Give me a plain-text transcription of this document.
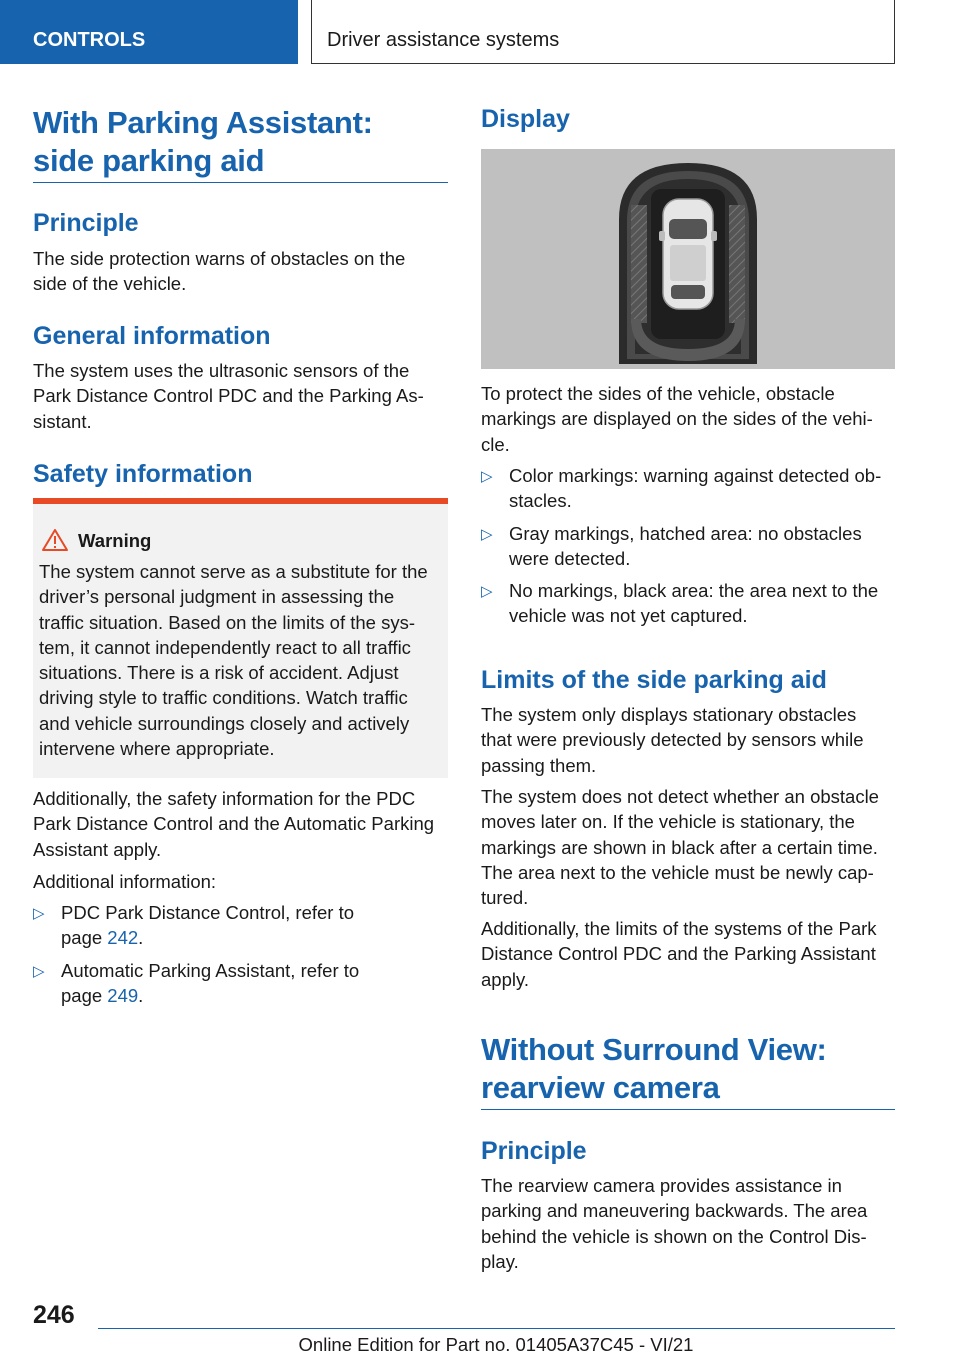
CONTROLS	Driver assistance systems
With Parking Assistant:
side parking aid
Principle
The side protection warns of obstacles on the
side of the vehicle.
General information
The system uses the ultrasonic sensors of the
Park Distance Control PDC and the Parking As-
sistant.
Safety information
Warning
The system cannot serve as a substitute for the
driver’s personal judgment in assessing the
traffic situation. Based on the limits of the sys-
tem, it cannot independently react to all traffic
situations. There is a risk of accident. Adjust
driving style to traffic conditions. Watch traffic
and vehicle surroundings closely and actively
intervene where appropriate.
Additionally, the safety information for the PDC
Park Distance Control and the Automatic Parking
Assistant apply.
Additional information:
▷ PDC Park Distance Control, refer to
page 242.
▷ Automatic Parking Assistant, refer to
page 249.
Display
To protect the sides of the vehicle, obstacle
markings are displayed on the sides of the vehi-
cle.
▷ Color markings: warning against detected ob-
stacles.
▷ Gray markings, hatched area: no obstacles
were detected.
▷ No markings, black area: the area next to the
vehicle was not yet captured.
Limits of the side parking aid
The system only displays stationary obstacles
that were previously detected by sensors while
passing them.
The system does not detect whether an obstacle
moves later on. If the vehicle is stationary, the
markings are shown in black after a certain time.
The area next to the vehicle must be newly cap-
tured.
Additionally, the limits of the systems of the Park
Distance Control PDC and the Parking Assistant
apply.
Without Surround View:
rearview camera
Principle
The rearview camera provides assistance in
parking and maneuvering backwards. The area
behind the vehicle is shown on the Control Dis-
play.
246
Online Edition for Part no. 01405A37C45 - VI/21
